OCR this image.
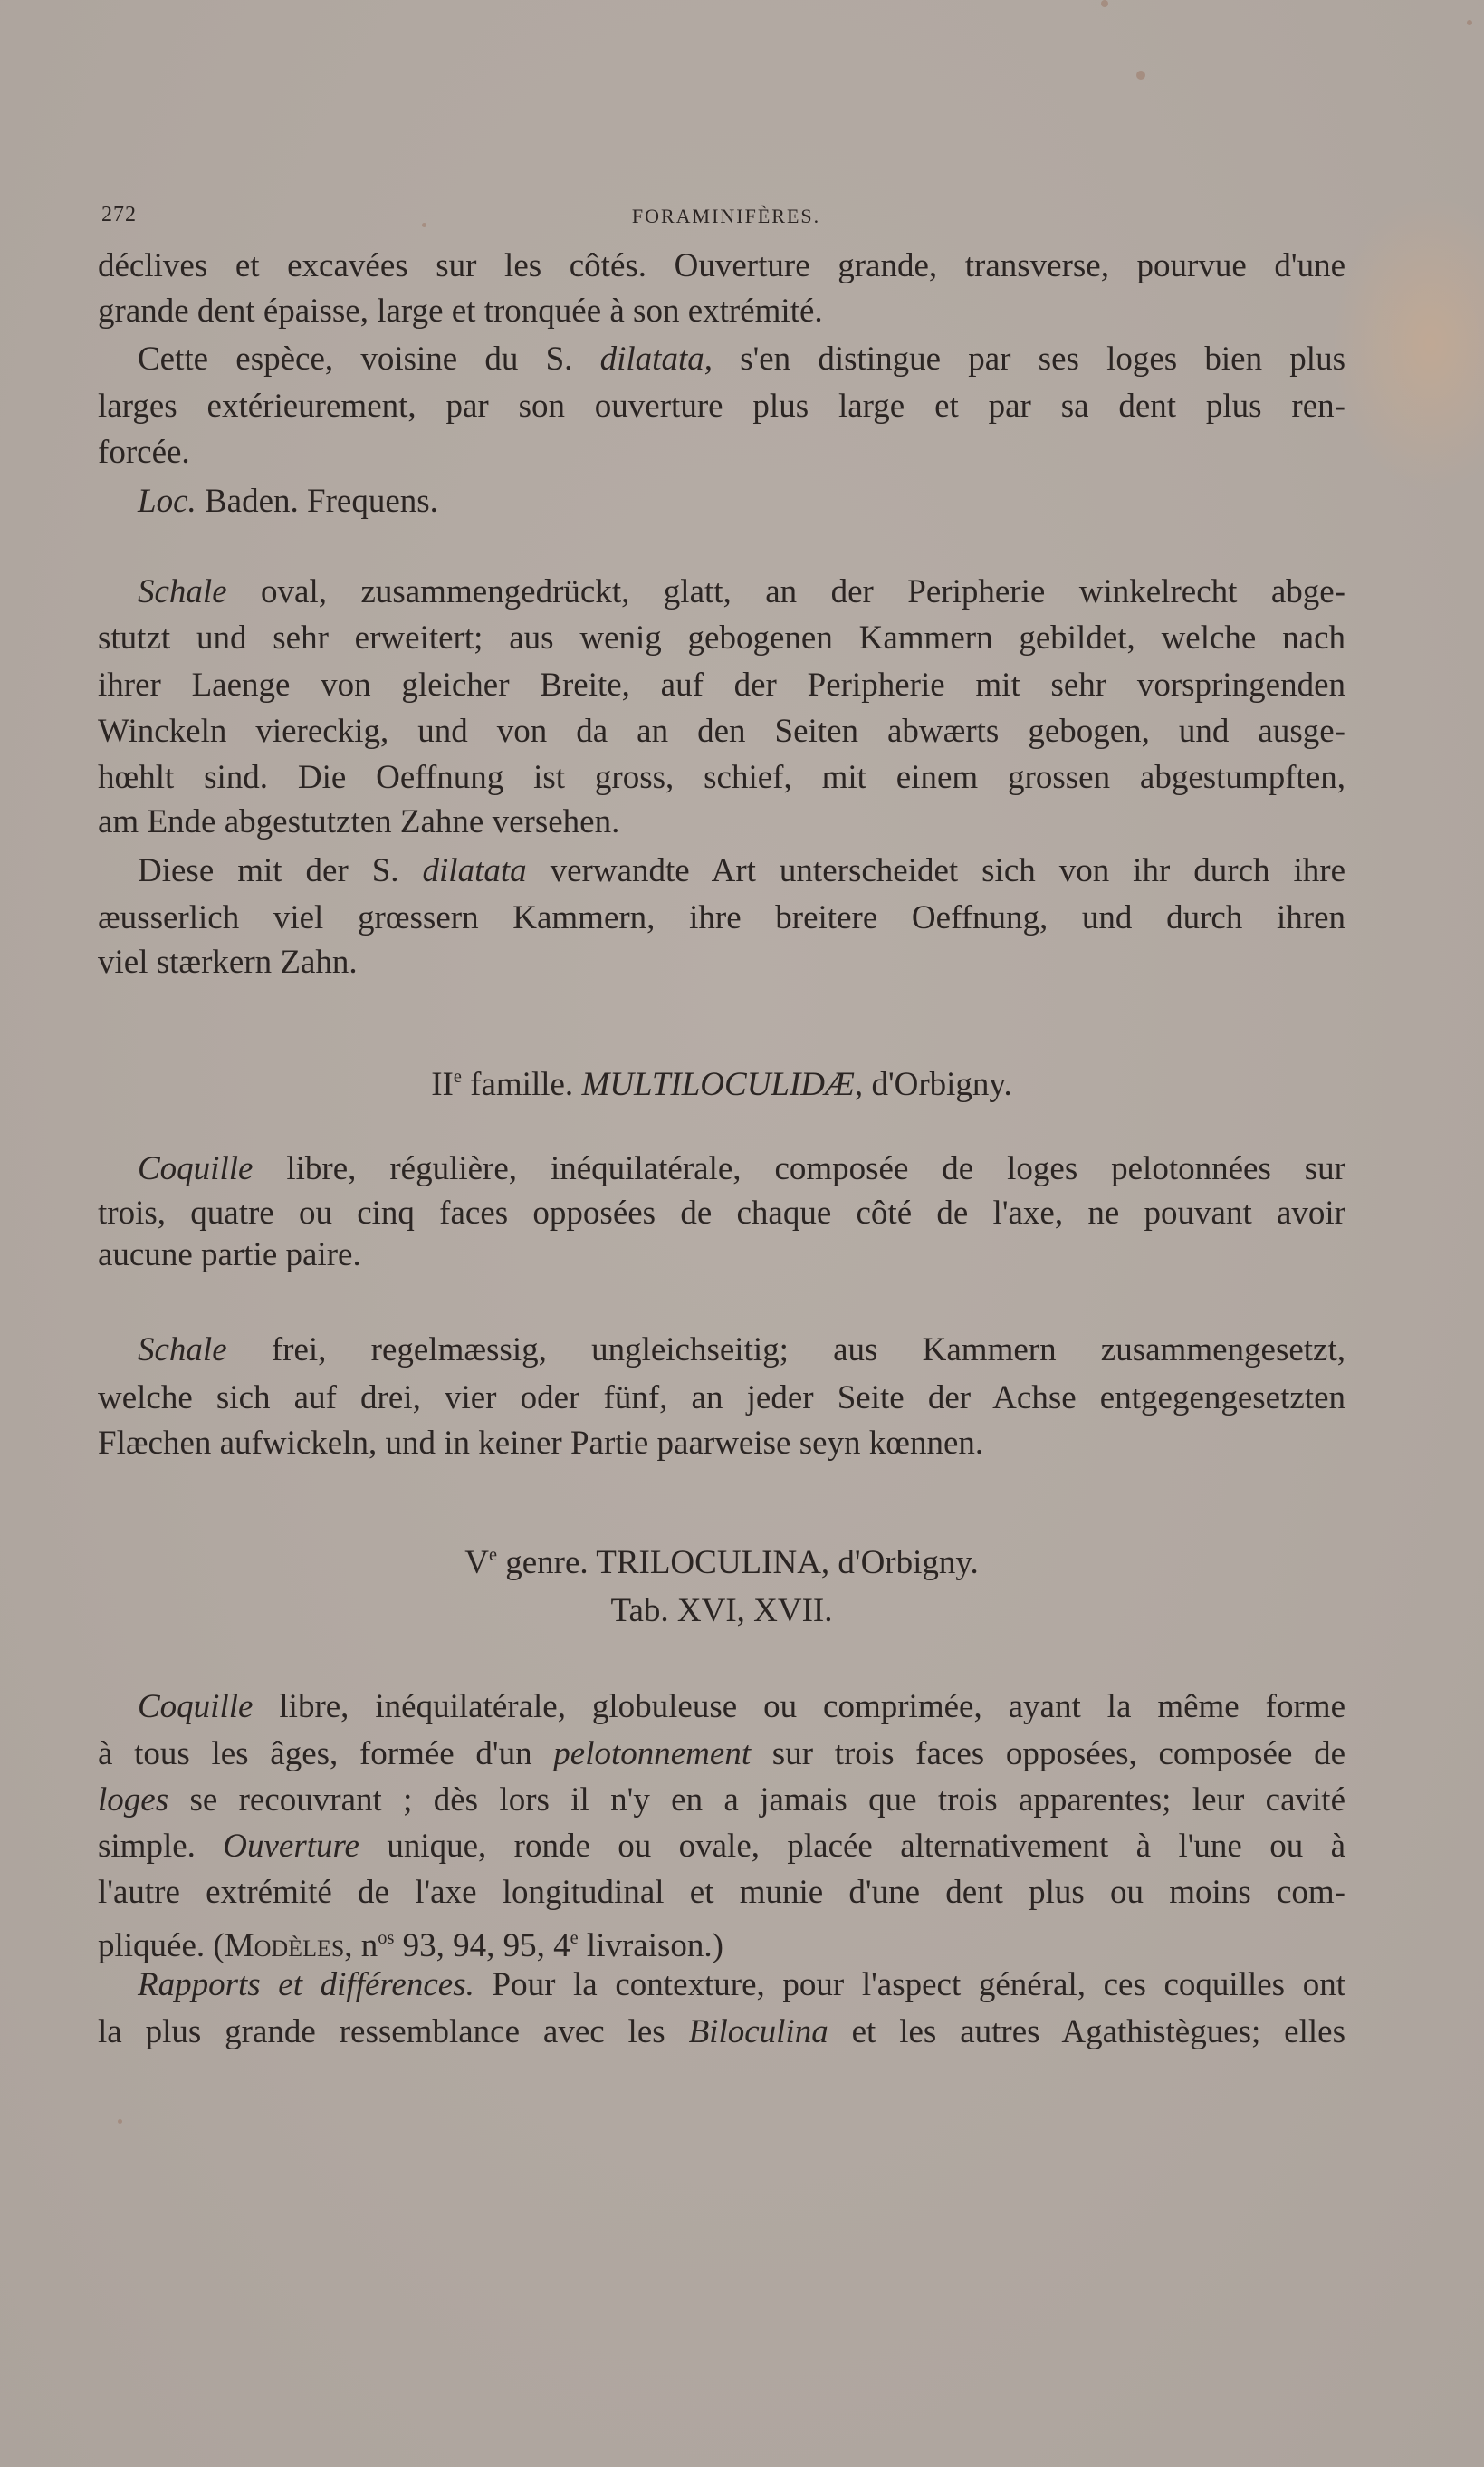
272	FORAMINIFÈRES.
déclives et excavées sur les côtés. Ouverture grande, transverse, pourvue d'une
grande dent épaisse, large et tronquée à son extrémité.
Cette espèce, voisine du S. dilatata, s'en distingue par ses loges bien plus
larges extérieurement, par son ouverture plus large et par sa dent plus ren-
forcée.
Loc. Baden. Frequens.
Schale oval, zusammengedrückt, glatt, an der Peripherie winkelrecht abge-
stutzt und sehr erweitert; aus wenig gebogenen Kammern gebildet, welche nach
ihrer Laenge von gleicher Breite, auf der Peripherie mit sehr vorspringenden
Winckeln viereckig, und von da an den Seiten abwærts gebogen, und ausge-
hœhlt sind. Die Oeffnung ist gross, schief, mit einem grossen abgestumpften,
am Ende abgestutzten Zahne versehen.
Diese mit der S. dilatata verwandte Art unterscheidet sich von ihr durch ihre
æusserlich viel grœssern Kammern, ihre breitere Oeffnung, und durch ihren
viel stærkern Zahn.
IIe famille. MULTILOCULIDÆ, d'Orbigny.
Coquille libre, régulière, inéquilatérale, composée de loges pelotonnées sur
trois, quatre ou cinq faces opposées de chaque côté de l'axe, ne pouvant avoir
aucune partie paire.
Schale frei, regelmæssig, ungleichseitig; aus Kammern zusammengesetzt,
welche sich auf drei, vier oder fünf, an jeder Seite der Achse entgegengesetzten
Flæchen aufwickeln, und in keiner Partie paarweise seyn kœnnen.
Ve genre. TRILOCULINA, d'Orbigny.
Tab. XVI, XVII.
Coquille libre, inéquilatérale, globuleuse ou comprimée, ayant la même forme
à tous les âges, formée d'un pelotonnement sur trois faces opposées, composée de
loges se recouvrant ; dès lors il n'y en a jamais que trois apparentes; leur cavité
simple. Ouverture unique, ronde ou ovale, placée alternativement à l'une ou à
l'autre extrémité de l'axe longitudinal et munie d'une dent plus ou moins com-
pliquée. (Modèles, $n^{os}$ 93, 94, 95, 4e livraison.)
Rapports et différences. Pour la contexture, pour l'aspect général, ces coquilles ont
la plus grande ressemblance avec les Biloculina et les autres Agathistègues; elles
